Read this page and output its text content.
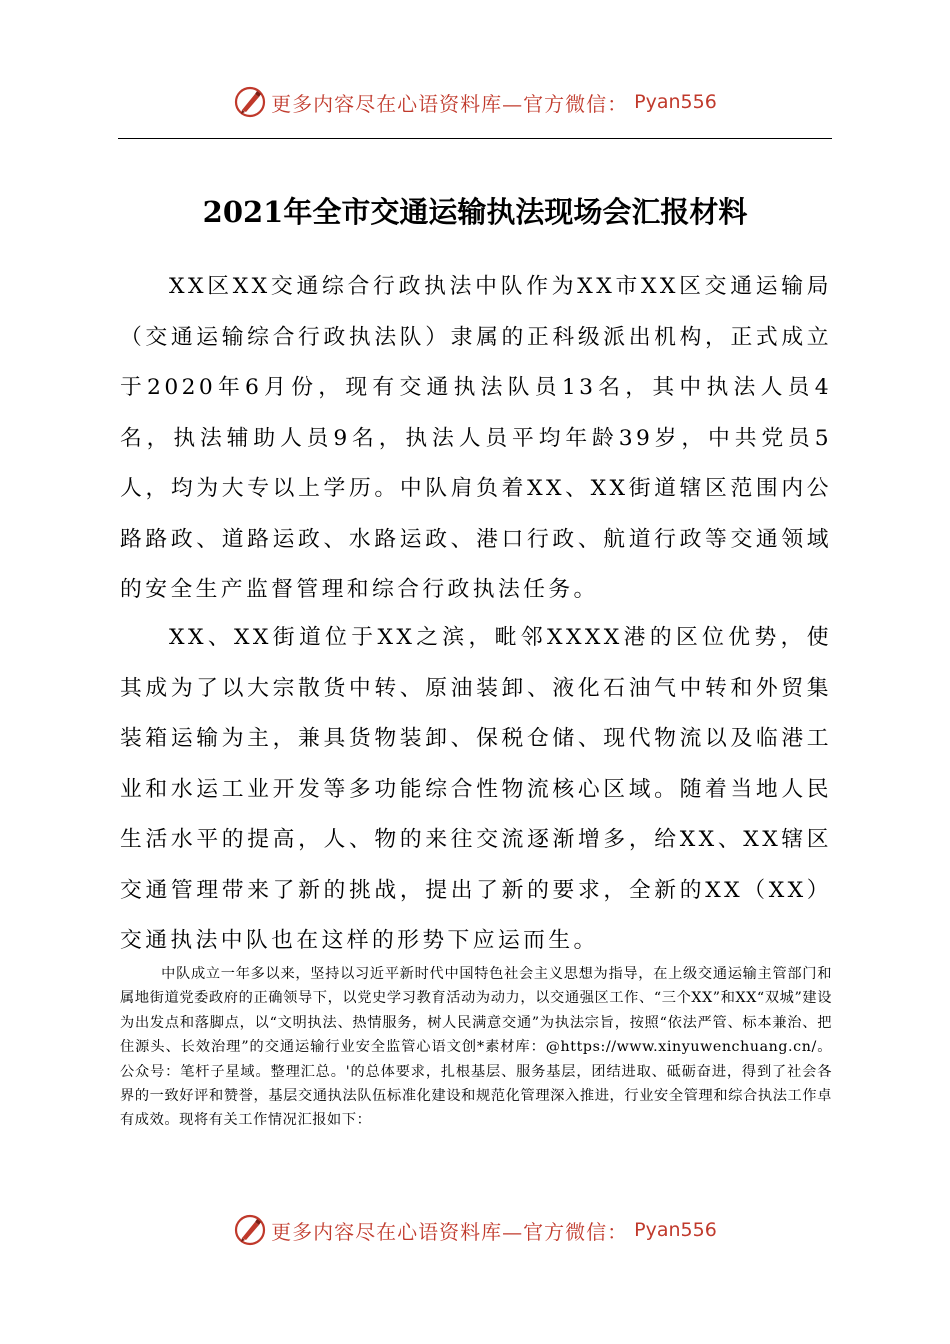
更多内容尽在心语资料库—官方微信： Pyan556
2021年全市交通运输执法现场会汇报材料

XX区XX交通综合行政执法中队作为XX市XX区交通运输局（交通运输综合行政执法队）隶属的正科级派出机构，正式成立于2020年6月份，现有交通执法队员13名，其中执法人员4名，执法辅助人员9名，执法人员平均年龄39岁，中共党员5人，均为大专以上学历。中队肩负着XX、XX街道辖区范围内公路路政、道路运政、水路运政、港口行政、航道行政等交通领域的安全生产监督管理和综合行政执法任务。

XX、XX街道位于XX之滨，毗邻XXXX港的区位优势，使其成为了以大宗散货中转、原油装卸、液化石油气中转和外贸集装箱运输为主，兼具货物装卸、保税仓储、现代物流以及临港工业和水运工业开发等多功能综合性物流核心区域。随着当地人民生活水平的提高，人、物的来往交流逐渐增多，给XX、XX辖区交通管理带来了新的挑战，提出了新的要求，全新的XX（XX）交通执法中队也在这样的形势下应运而生。

中队成立一年多以来，坚持以习近平新时代中国特色社会主义思想为指导，在上级交通运输主管部门和属地街道党委政府的正确领导下，以党史学习教育活动为动力，以交通强区工作、“三个XX”和XX“双城”建设为出发点和落脚点，以“文明执法、热情服务，树人民满意交通”为执法宗旨，按照“依法严管、标本兼治、把住源头、长效治理”的交通运输行业安全监管心语文创*素材库：@https://www.xinyuwenchuang.cn/。公众号：笔杆子星域。整理汇总。'的总体要求，扎根基层、服务基层，团结进取、砥砺奋进，得到了社会各界的一致好评和赞誉，基层交通执法队伍标准化建设和规范化管理深入推进，行业安全管理和综合执法工作卓有成效。现将有关工作情况汇报如下：

更多内容尽在心语资料库—官方微信： Pyan556
